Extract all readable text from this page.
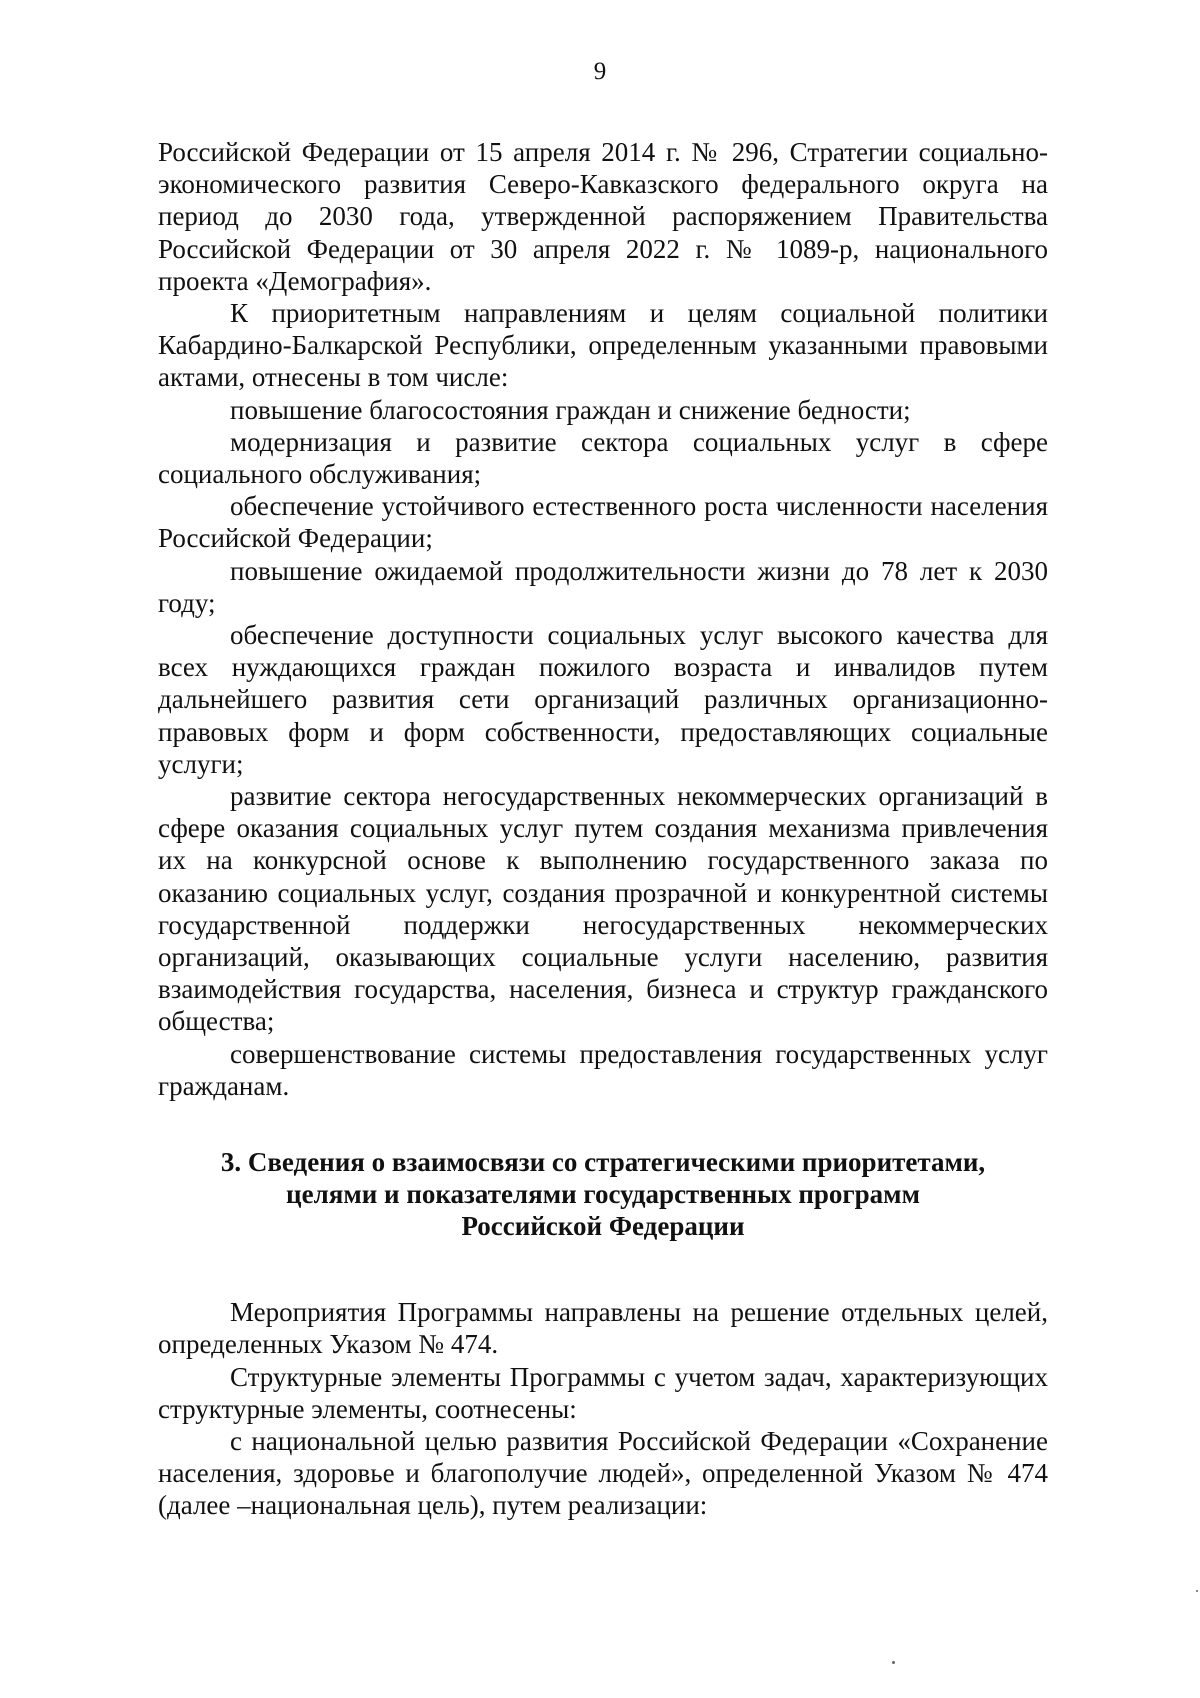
9

Российской Федерации от 15 апреля 2014 г. № 296, Стратегии социально-экономического развития Северо-Кавказского федерального округа на период до 2030 года, утвержденной распоряжением Правительства Российской Федерации от 30 апреля 2022 г. № 1089-р, национального проекта «Демография».

К приоритетным направлениям и целям социальной политики Кабардино-Балкарской Республики, определенным указанными правовыми актами, отнесены в том числе:

повышение благосостояния граждан и снижение бедности;

модернизация и развитие сектора социальных услуг в сфере социального обслуживания;

обеспечение устойчивого естественного роста численности населения Российской Федерации;

повышение ожидаемой продолжительности жизни до 78 лет к 2030 году;

обеспечение доступности социальных услуг высокого качества для всех нуждающихся граждан пожилого возраста и инвалидов путем дальнейшего развития сети организаций различных организационно-правовых форм и форм собственности, предоставляющих социальные услуги;

развитие сектора негосударственных некоммерческих организаций в сфере оказания социальных услуг путем создания механизма привлечения их на конкурсной основе к выполнению государственного заказа по оказанию социальных услуг, создания прозрачной и конкурентной системы государственной поддержки негосударственных некоммерческих организаций, оказывающих социальные услуги населению, развития взаимодействия государства, населения, бизнеса и структур гражданского общества;

совершенствование системы предоставления государственных услуг гражданам.

3. Сведения о взаимосвязи со стратегическими приоритетами,
целями и показателями государственных программ
Российской Федерации

Мероприятия Программы направлены на решение отдельных целей, определенных Указом № 474.

Структурные элементы Программы с учетом задач, характеризующих структурные элементы, соотнесены:

с национальной целью развития Российской Федерации «Сохранение населения, здоровье и благополучие людей», определенной Указом № 474 (далее –национальная цель), путем реализации:
